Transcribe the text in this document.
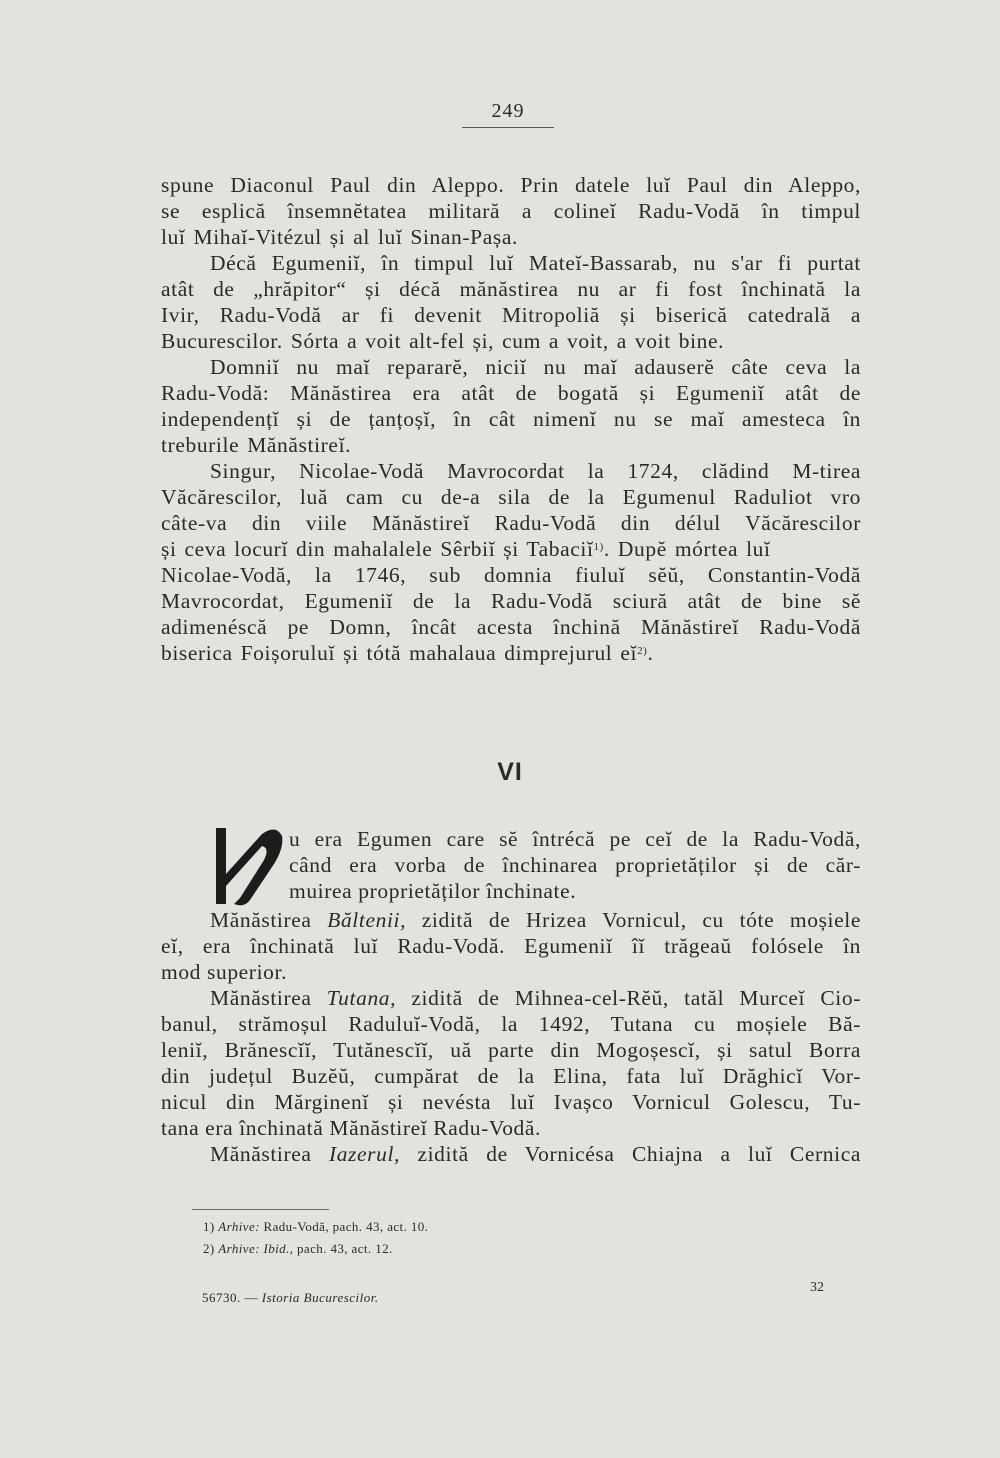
249
spune Diaconul Paul din Aleppo. Prin datele luĭ Paul din Aleppo,
se esplică însemnĕtatea militară a colineĭ Radu-Vodă în timpul
luĭ Mihaĭ-Vitézul și al luĭ Sinan-Pașa.
Décă Egumeniĭ, în timpul luĭ Mateĭ-Bassarab, nu s'ar fi purtat
atât de „hrăpitor“ și décă mănăstirea nu ar fi fost închinată la
Ivir, Radu-Vodă ar fi devenit Mitropoliă și biserică catedrală a
Bucurescilor. Sórta a voit alt-fel și, cum a voit, a voit bine.
Domniĭ nu maĭ repararĕ, niciĭ nu maĭ adauserĕ câte ceva la
Radu-Vodă: Mănăstirea era atât de bogată și Egumeniĭ atât de
independențĭ și de țanțoșĭ, în cât nimenĭ nu se maĭ amesteca în
treburile Mănăstireĭ.
Singur, Nicolae-Vodă Mavrocordat la 1724, clădind M-tirea
Văcărescilor, luă cam cu de-a sila de la Egumenul Raduliot vro
câte-va din viile Mănăstireĭ Radu-Vodă din délul Văcărescilor
și ceva locurĭ din mahalalele Sêrbiĭ și Tabaciĭ$^{1)}$. Dupĕ mórtea luĭ
Nicolae-Vodă, la 1746, sub domnia fiuluĭ sĕŭ, Constantin-Vodă
Mavrocordat, Egumeniĭ de la Radu-Vodă sciură atât de bine sĕ
adimenéscă pe Domn, încât acesta închină Mănăstireĭ Radu-Vodă
biserica Foișoruluĭ și tótă mahalaua dimprejurul $eĭ^{2)}$.
VI
u era Egumen care sĕ întrécă pe ceĭ de la Radu-Vodă,
când era vorba de închinarea proprietăților și de căr-
muirea proprietăților închinate.
Mănăstirea Băltenii, zidită de Hrizea Vornicul, cu tóte moșiele
eĭ, era închinată luĭ Radu-Vodă. Egumeniĭ îĭ trăgeaŭ folósele în
mod superior.
Mănăstirea Tutana, zidită de Mihnea-cel-Rĕŭ, tatăl Murceĭ Cio-
banul, strămoșul Raduluĭ-Vodă, la 1492, Tutana cu moșiele Bă-
leniĭ, Brănescĭĭ, Tutănescĭĭ, uă parte din Mogoșescĭ, și satul Borra
din județul Buzĕŭ, cumpărat de la Elina, fata luĭ Drăghicĭ Vor-
nicul din Mărginenĭ și nevésta luĭ Ivașco Vornicul Golescu, Tu-
tana era închinată Mănăstireĭ Radu-Vodă.
Mănăstirea Iazerul, zidită de Vornicésa Chiajna a luĭ Cernica
1) Arhive: Radu-Vodă, pach. 43, act. 10.
2) Arhive: Ibid., pach. 43, act. 12.
56730. — Istoria Bucurescilor.
32
